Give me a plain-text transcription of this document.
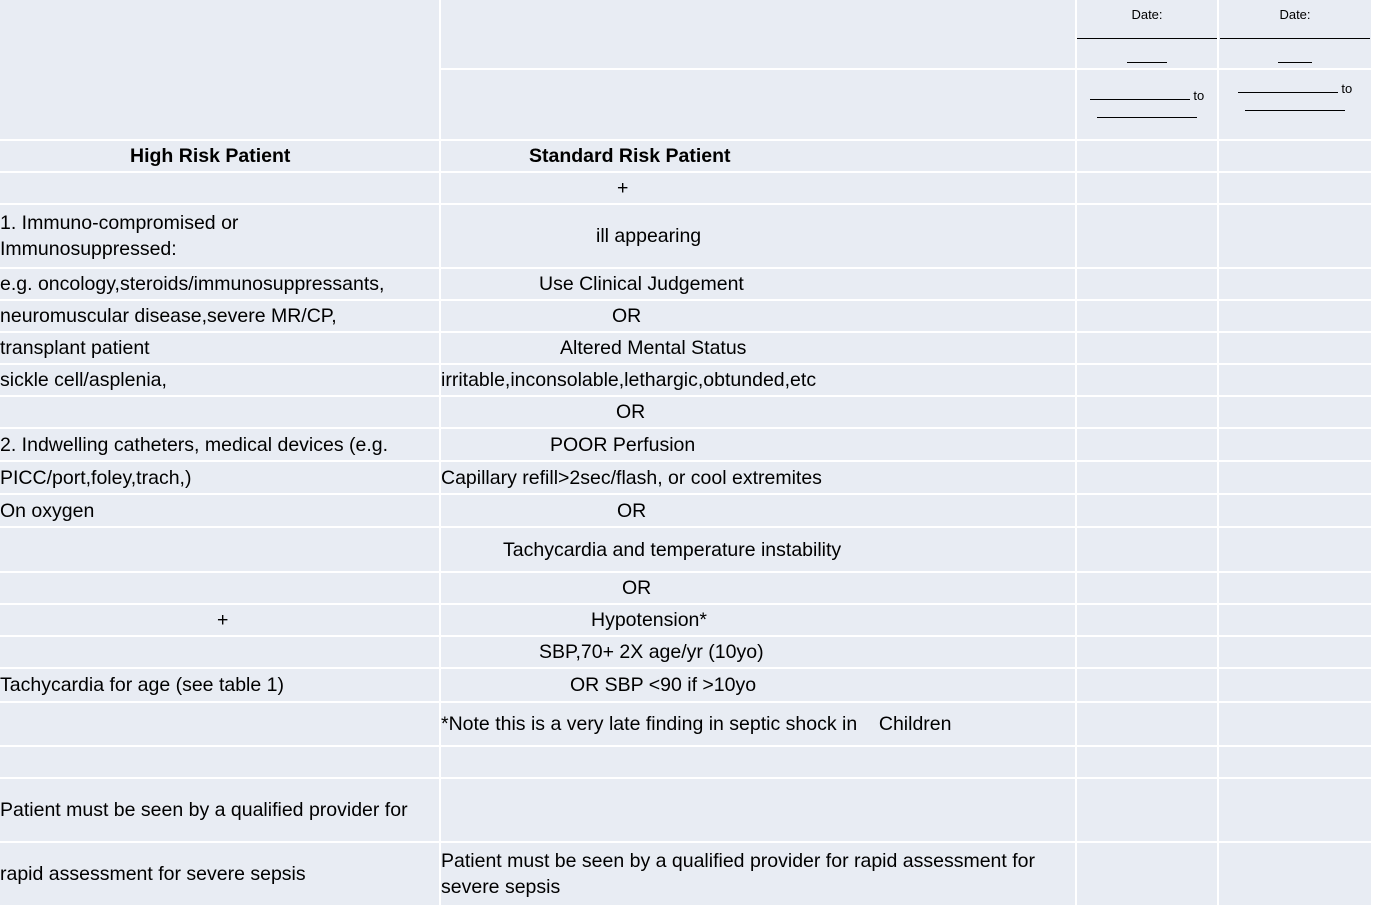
		Date:	Date:

		to	to

High Risk Patient	Standard Risk Patient		
	+		
1. Immuno-compromised or Immunosuppressed:	ill appearing		
e.g. oncology,steroids/immunosuppressants,	Use Clinical Judgement		
neuromuscular disease,severe MR/CP,	OR		
transplant patient	Altered Mental Status		
sickle cell/asplenia,	irritable,inconsolable,lethargic,obtunded,etc		
	OR		
2. Indwelling catheters, medical devices (e.g.	POOR Perfusion		
PICC/port,foley,trach,)	Capillary refill>2sec/flash, or cool extremites		
On oxygen	OR		
	Tachycardia and temperature instability		
	OR		
+	Hypotension*		
	SBP,70+ 2X age/yr (10yo)		
Tachycardia for age (see table 1)	OR SBP <90 if >10yo		
	*Note this is a very late finding in septic shock in    Children		

Patient must be seen by a qualified provider for			
rapid assessment for severe sepsis	Patient must be seen by a qualified provider for rapid assessment for severe sepsis		
